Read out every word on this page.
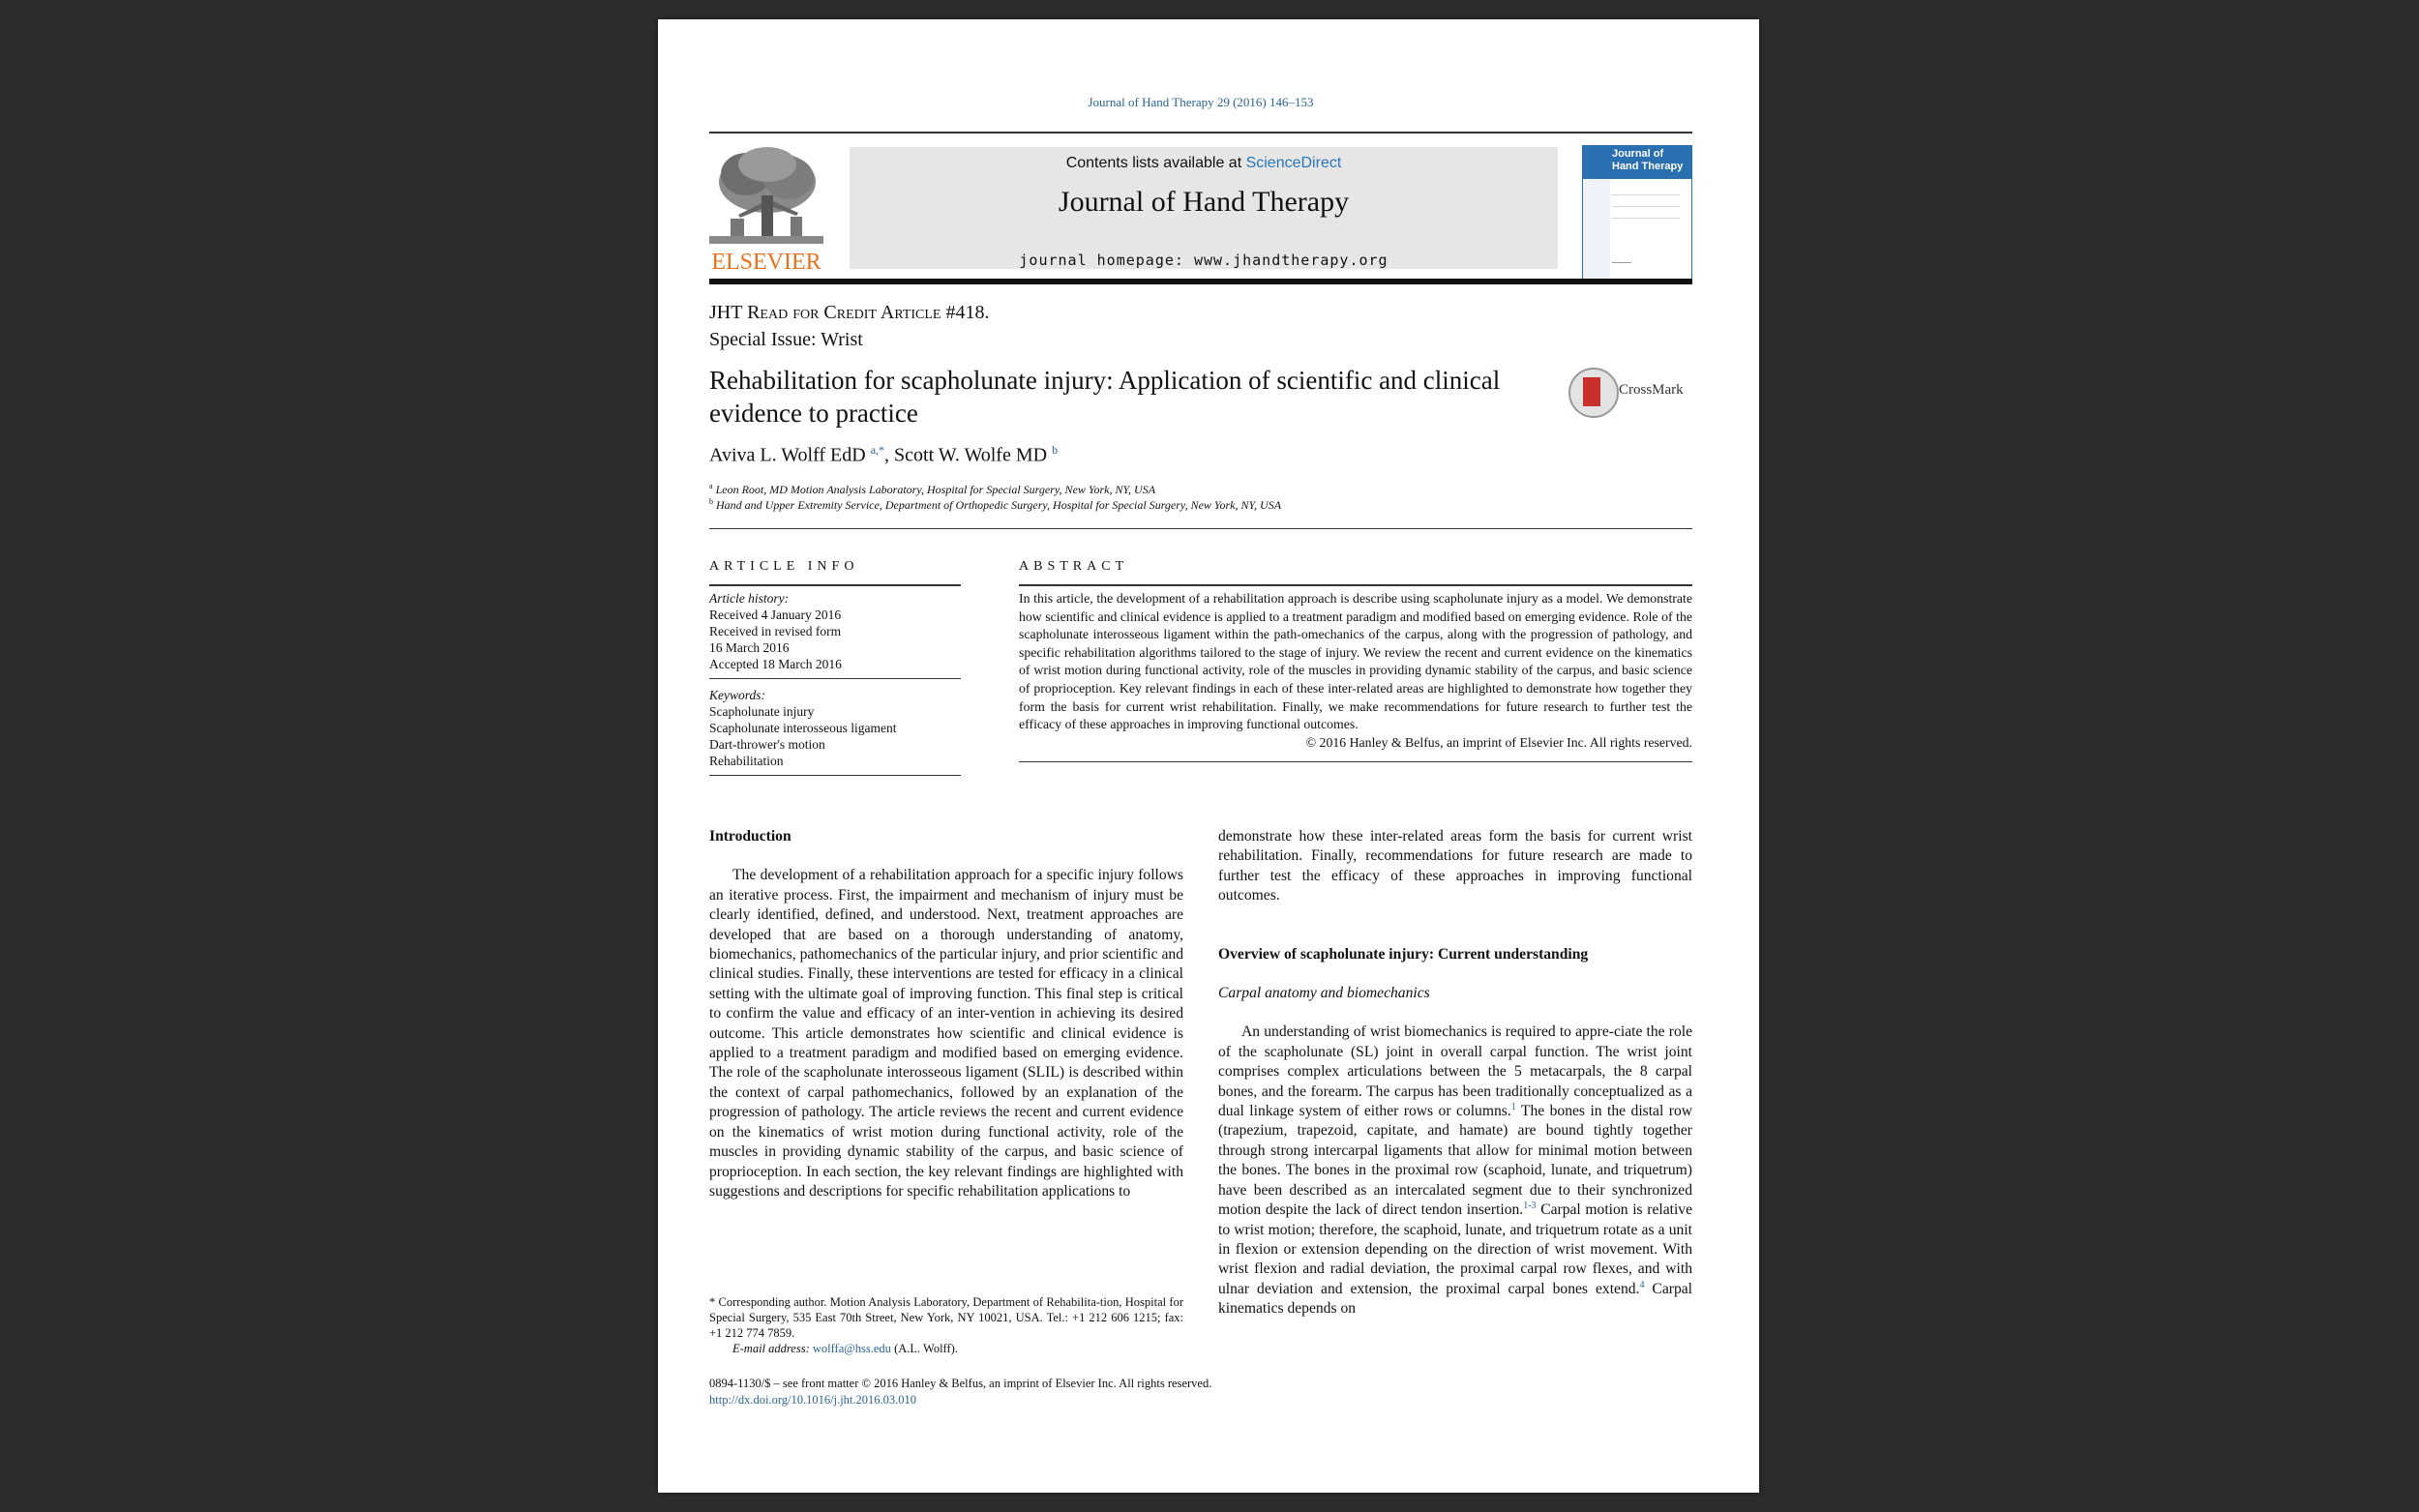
Journal of Hand Therapy 29 (2016) 146–153
ELSEVIER
Contents lists available at ScienceDirect
Journal of Hand Therapy
journal homepage: www.jhandtherapy.org
Journal of
Hand Therapy
JHT Read for Credit Article #418.
Special Issue: Wrist
Rehabilitation for scapholunate injury: Application of scientific and clinical evidence to practice
CrossMark
Aviva L. Wolff EdD $^{a,*}$, Scott W. Wolfe MD $^b$
$^a$ Leon Root, MD Motion Analysis Laboratory, Hospital for Special Surgery, New York, NY, USA
$^b$ Hand and Upper Extremity Service, Department of Orthopedic Surgery, Hospital for Special Surgery, New York, NY, USA
ARTICLE INFO	ABSTRACT
Article history:
Received 4 January 2016
Received in revised form
16 March 2016
Accepted 18 March 2016
Keywords:
Scapholunate injury
Scapholunate interosseous ligament
Dart-thrower's motion
Rehabilitation

In this article, the development of a rehabilitation approach is describe using scapholunate injury as a model. We demonstrate how scientific and clinical evidence is applied to a treatment paradigm and modified based on emerging evidence. Role of the scapholunate interosseous ligament within the path-omechanics of the carpus, along with the progression of pathology, and specific rehabilitation algorithms tailored to the stage of injury. We review the recent and current evidence on the kinematics of wrist motion during functional activity, role of the muscles in providing dynamic stability of the carpus, and basic science of proprioception. Key relevant findings in each of these inter-related areas are highlighted to demonstrate how together they form the basis for current wrist rehabilitation. Finally, we make recommendations for future research to further test the efficacy of these approaches in improving functional outcomes.

© 2016 Hanley & Belfus, an imprint of Elsevier Inc. All rights reserved.

Introduction

The development of a rehabilitation approach for a specific injury follows an iterative process. First, the impairment and mechanism of injury must be clearly identified, defined, and understood. Next, treatment approaches are developed that are based on a thorough understanding of anatomy, biomechanics, pathomechanics of the particular injury, and prior scientific and clinical studies. Finally, these interventions are tested for efficacy in a clinical setting with the ultimate goal of improving function. This final step is critical to confirm the value and efficacy of an inter-vention in achieving its desired outcome. This article demonstrates how scientific and clinical evidence is applied to a treatment paradigm and modified based on emerging evidence. The role of the scapholunate interosseous ligament (SLIL) is described within the context of carpal pathomechanics, followed by an explanation of the progression of pathology. The article reviews the recent and current evidence on the kinematics of wrist motion during functional activity, role of the muscles in providing dynamic stability of the carpus, and basic science of proprioception. In each section, the key relevant findings are highlighted with suggestions and descriptions for specific rehabilitation applications to

demonstrate how these inter-related areas form the basis for current wrist rehabilitation. Finally, recommendations for future research are made to further test the efficacy of these approaches in improving functional outcomes.

Overview of scapholunate injury: Current understanding

Carpal anatomy and biomechanics

An understanding of wrist biomechanics is required to appre-ciate the role of the scapholunate (SL) joint in overall carpal function. The wrist joint comprises complex articulations between the 5 metacarpals, the 8 carpal bones, and the forearm. The carpus has been traditionally conceptualized as a dual linkage system of either rows or columns.$^1$ The bones in the distal row (trapezium, trapezoid, capitate, and hamate) are bound tightly together through strong intercarpal ligaments that allow for minimal motion between the bones. The bones in the proximal row (scaphoid, lunate, and triquetrum) have been described as an intercalated segment due to their synchronized motion despite the lack of direct tendon insertion.$^{1-3}$ Carpal motion is relative to wrist motion; therefore, the scaphoid, lunate, and triquetrum rotate as a unit in flexion or extension depending on the direction of wrist movement. With wrist flexion and radial deviation, the proximal carpal row flexes, and with ulnar deviation and extension, the proximal carpal bones extend.$^4$ Carpal kinematics depends on

* Corresponding author. Motion Analysis Laboratory, Department of Rehabilita-tion, Hospital for Special Surgery, 535 East 70th Street, New York, NY 10021, USA. Tel.: +1 212 606 1215; fax: +1 212 774 7859.

E-mail address: wolffa@hss.edu (A.L. Wolff).

0894-1130/$ – see front matter © 2016 Hanley & Belfus, an imprint of Elsevier Inc. All rights reserved.
http://dx.doi.org/10.1016/j.jht.2016.03.010
